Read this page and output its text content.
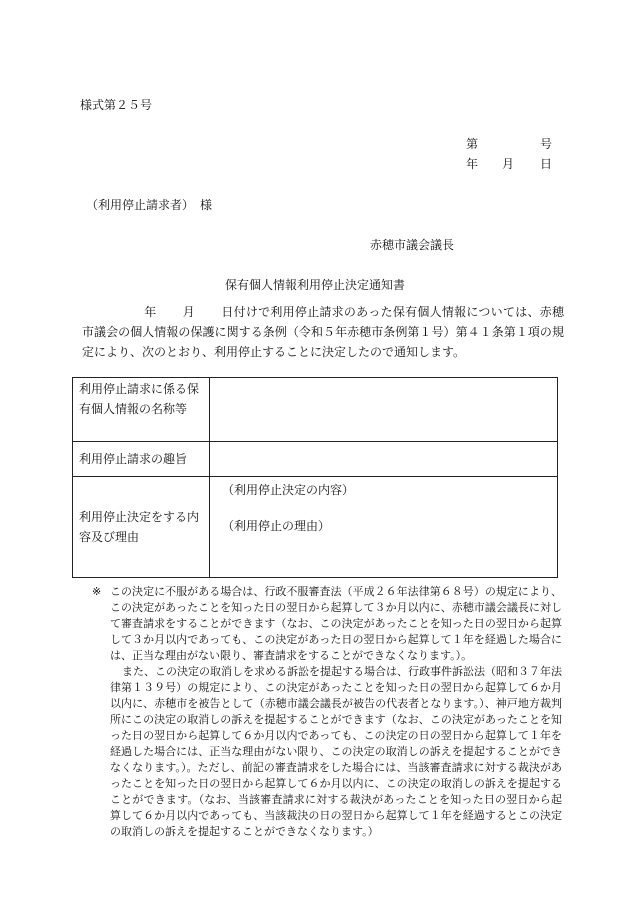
様式第２５号
第	号
年 月 日
（利用停止請求者）　様
赤穂市議会議長
保有個人情報利用停止決定通知書
年 月 日付けで利用停止請求のあった保有個人情報については、赤穂市議会の個人情報の保護に関する条例（令和５年赤穂市条例第１号）第４１条第１項の規定により、次のとおり、利用停止することに決定したので通知します。
利用停止請求に係る保有個人情報の名称等	
利用停止請求の趣旨	
利用停止決定をする内容及び理由	（利用停止決定の内容）
（利用停止の理由）
※ この決定に不服がある場合は、行政不服審査法（平成２６年法律第６８号）の規定により、この決定があったことを知った日の翌日から起算して３か月以内に、赤穂市議会議長に対して審査請求をすることができます（なお、この決定があったことを知った日の翌日から起算して３か月以内であっても、この決定があった日の翌日から起算して１年を経過した場合には、正当な理由がない限り、審査請求をすることができなくなります。）。

また、この決定の取消しを求める訴訟を提起する場合は、行政事件訴訟法（昭和３７年法律第１３９号）の規定により、この決定があったことを知った日の翌日から起算して６か月以内に、赤穂市を被告として（赤穂市議会議長が被告の代表者となります。）、神戸地方裁判所にこの決定の取消しの訴えを提起することができます（なお、この決定があったことを知った日の翌日から起算して６か月以内であっても、この決定の日の翌日から起算して１年を経過した場合には、正当な理由がない限り、この決定の取消しの訴えを提起することができなくなります。）。ただし、前記の審査請求をした場合には、当該審査請求に対する裁決があったことを知った日の翌日から起算して６か月以内に、この決定の取消しの訴えを提起することができます。（なお、当該審査請求に対する裁決があったことを知った日の翌日から起算して６か月以内であっても、当該裁決の日の翌日から起算して１年を経過するとこの決定の取消しの訴えを提起することができなくなります。）
